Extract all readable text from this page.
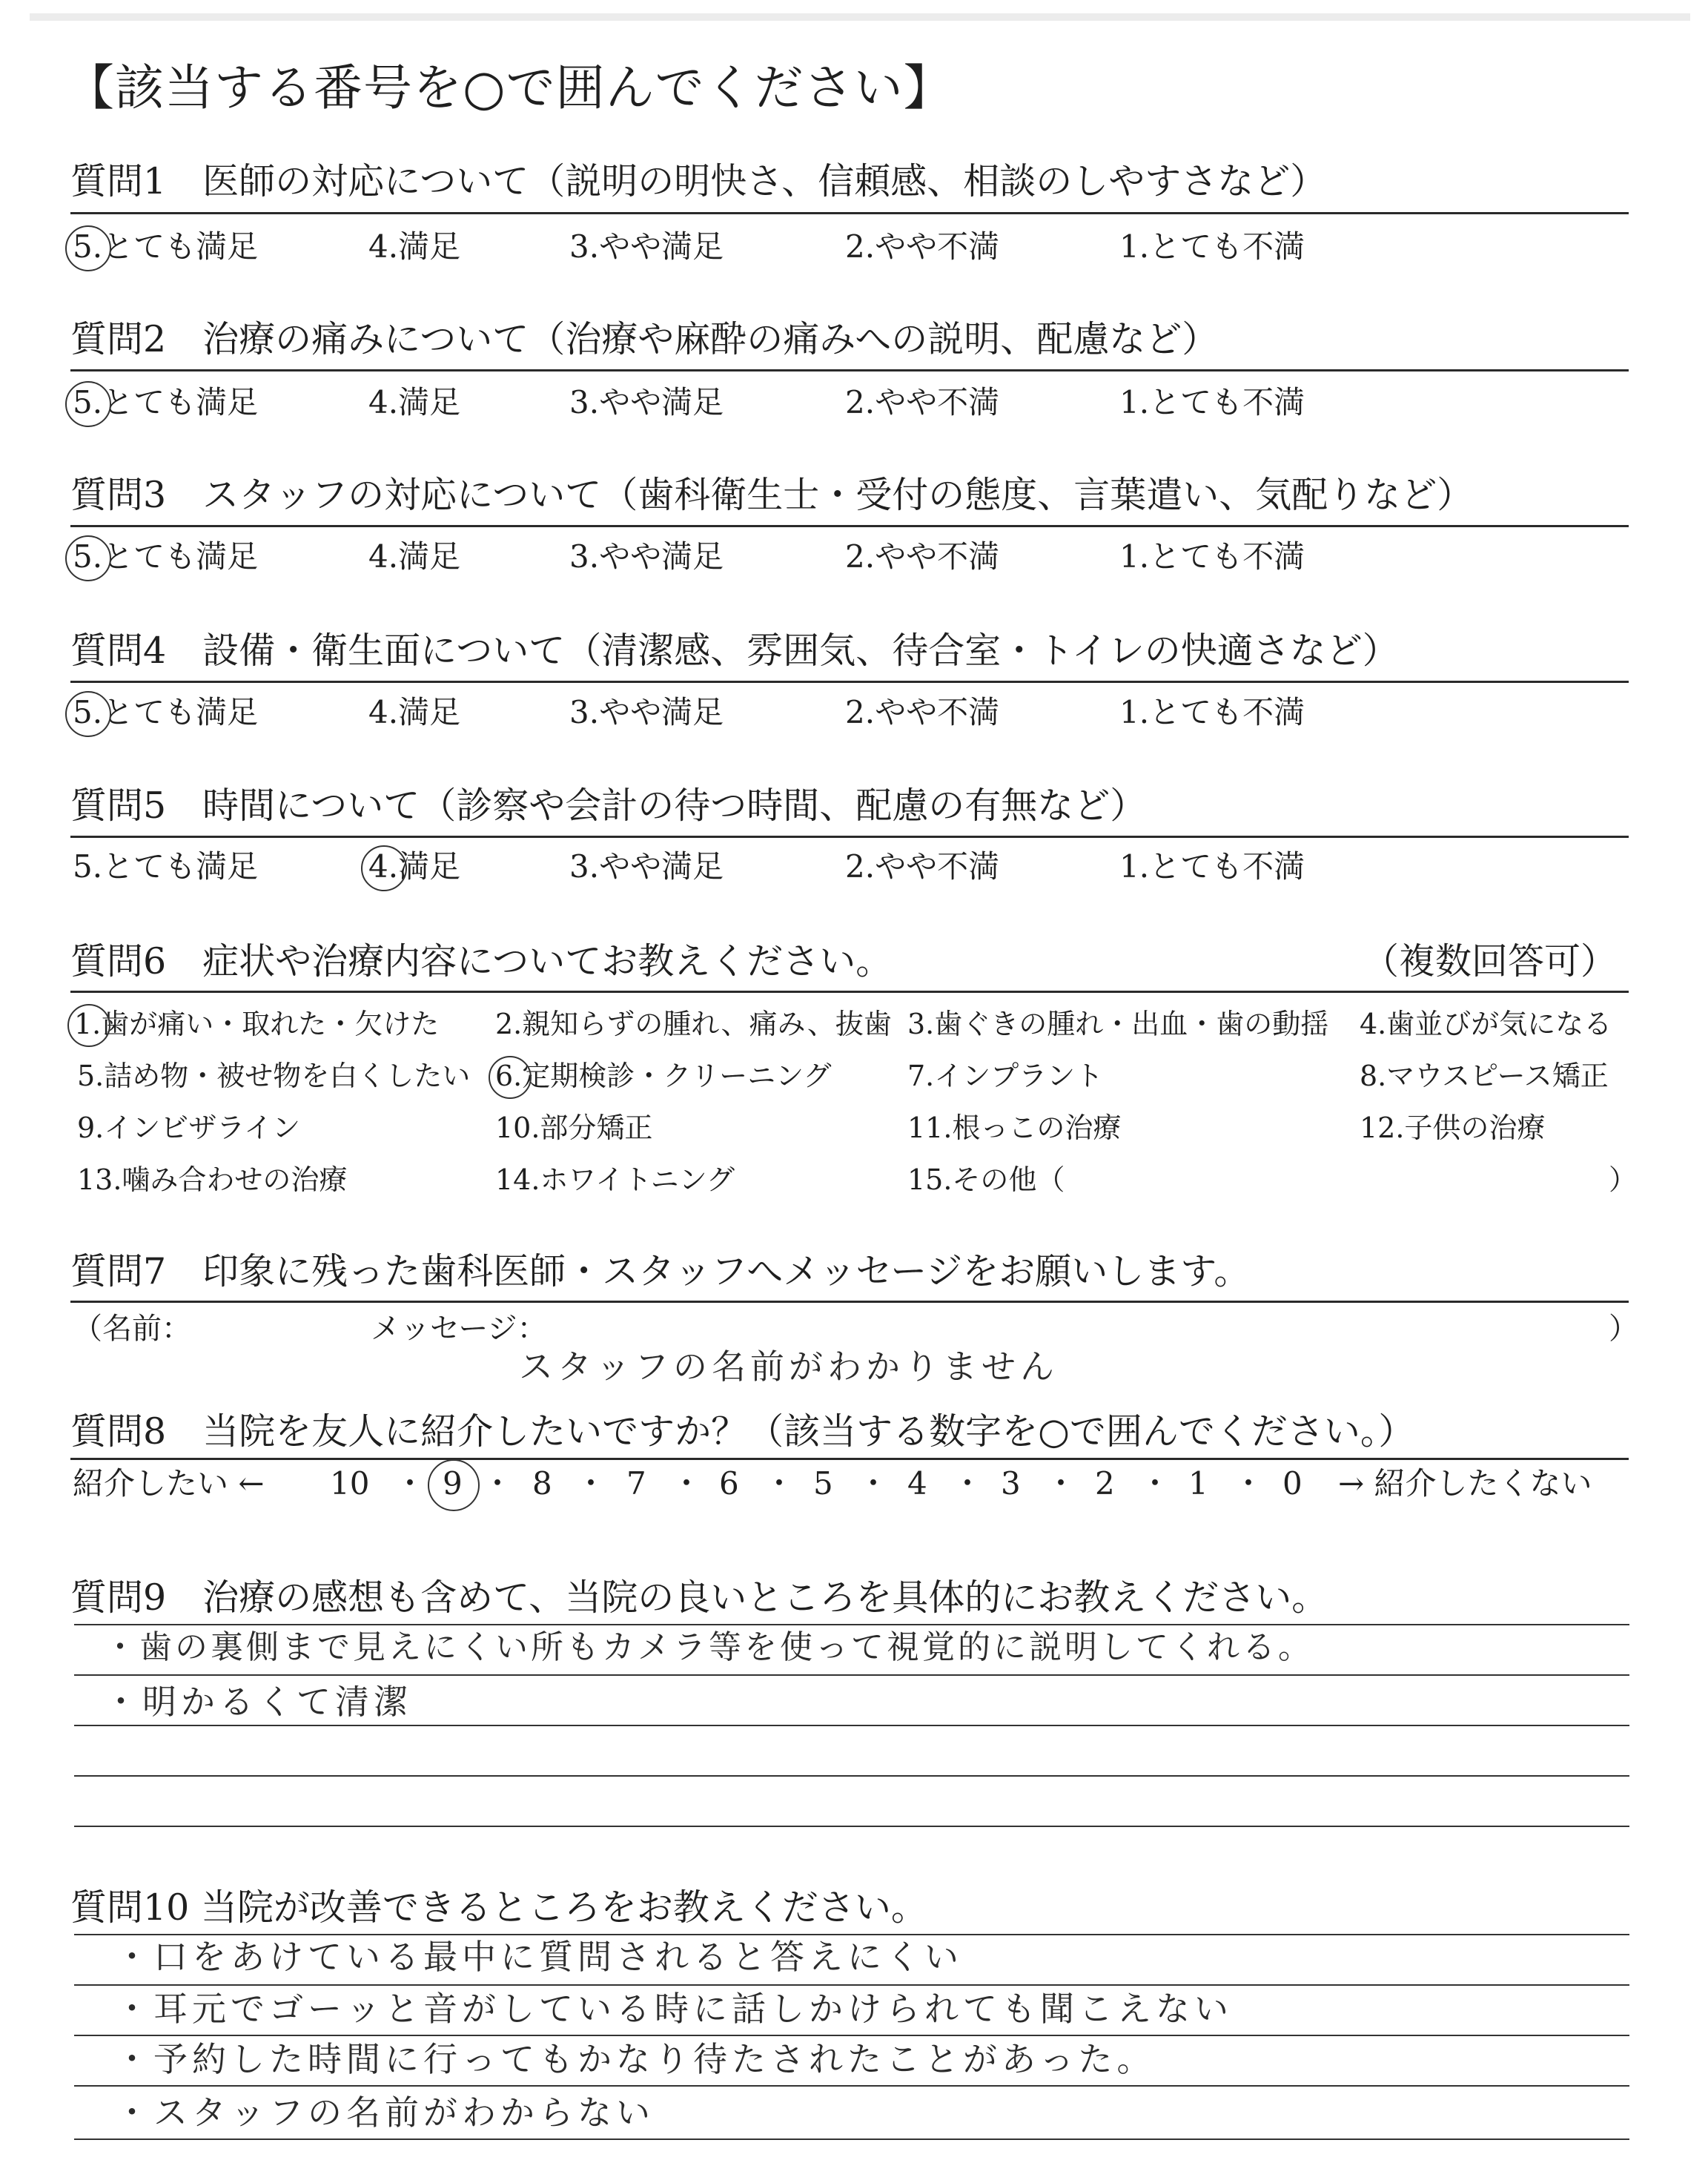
【該当する番号を○で囲んでください】
質問1　医師の対応について（説明の明快さ、信頼感、相談のしやすさなど）
5.とても満足	4.満足	3.やや満足	2.やや不満	1.とても不満
質問2　治療の痛みについて（治療や麻酔の痛みへの説明、配慮など）
5.とても満足	4.満足	3.やや満足	2.やや不満	1.とても不満
質問3　スタッフの対応について（歯科衛生士・受付の態度、言葉遣い、気配りなど）
5.とても満足	4.満足	3.やや満足	2.やや不満	1.とても不満
質問4　設備・衛生面について（清潔感、雰囲気、待合室・トイレの快適さなど）
5.とても満足	4.満足	3.やや満足	2.やや不満	1.とても不満
質問5　時間について（診察や会計の待つ時間、配慮の有無など）
5.とても満足	4.満足	3.やや満足	2.やや不満	1.とても不満
質問6　症状や治療内容についてお教えください。	（複数回答可）
1.歯が痛い・取れた・欠けた 2.親知らずの腫れ、痛み、抜歯 3.歯ぐきの腫れ・出血・歯の動揺 4.歯並びが気になる
5.詰め物・被せ物を白くしたい 6.定期検診・クリーニング	7.インプラント	8.マウスピース矯正
9.インビザライン	10.部分矯正	11.根っこの治療	12.子供の治療
13.噛み合わせの治療	14.ホワイトニング	15.その他（	）
質問7　印象に残った歯科医師・スタッフへメッセージをお願いします。
（名前：	メッセージ：	）
スタッフの名前がわかりません
質問8　当院を友人に紹介したいですか？（該当する数字を○で囲んでください。）
紹介したい ← 10 ・ 9 ・ 8 ・ 7 ・ 6 ・ 5 ・ 4 ・ 3 ・ 2 ・ 1 ・ 0 → 紹介したくない
質問9　治療の感想も含めて、当院の良いところを具体的にお教えください。
・歯の裏側まで見えにくい所もカメラ等を使って視覚的に説明してくれる。
・明かるくて清潔
質問10 当院が改善できるところをお教えください。
・口をあけている最中に質問されると答えにくい
・耳元でゴーッと音がしている時に話しかけられても聞こえない
・予約した時間に行ってもかなり待たされたことがあった。
・スタッフの名前がわからない
